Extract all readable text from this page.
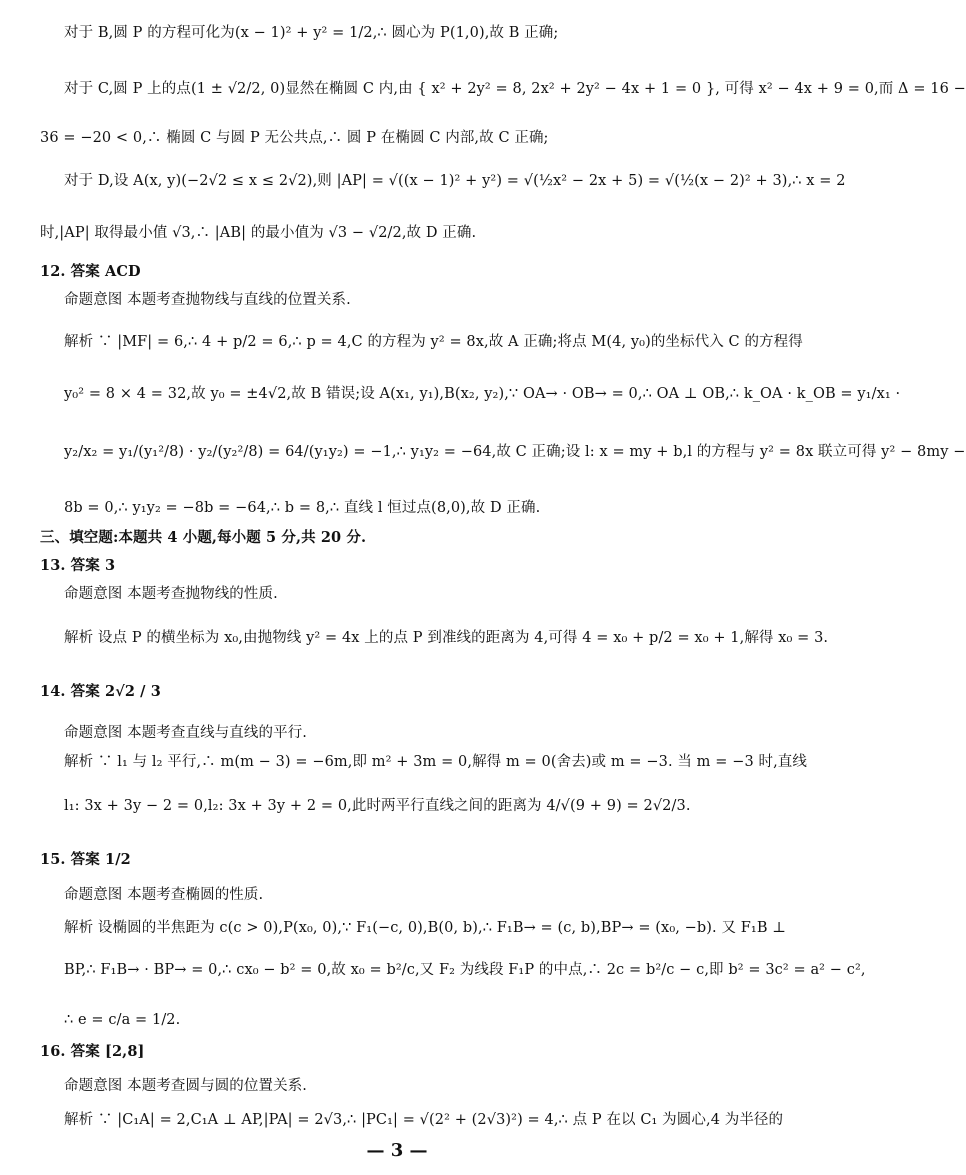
对于 B,圆 P 的方程可化为(x − 1)² + y² = 1/2,∴ 圆心为 P(1,0),故 B 正确;
对于 C,圆 P 上的点(1 ± √2/2, 0)显然在椭圆 C 内,由 { x² + 2y² = 8, 2x² + 2y² − 4x + 1 = 0 }, 可得 x² − 4x + 9 = 0,而 Δ = 16 −
36 = −20 < 0,∴ 椭圆 C 与圆 P 无公共点,∴ 圆 P 在椭圆 C 内部,故 C 正确;
对于 D,设 A(x, y)(−2√2 ≤ x ≤ 2√2),则 |AP| = √((x − 1)² + y²) = √(½x² − 2x + 5) = √(½(x − 2)² + 3),∴ x = 2
时,|AP| 取得最小值 √3,∴ |AB| 的最小值为 √3 − √2/2,故 D 正确.
12. 答案 ACD
命题意图 本题考查抛物线与直线的位置关系.
解析 ∵ |MF| = 6,∴ 4 + p/2 = 6,∴ p = 4,C 的方程为 y² = 8x,故 A 正确;将点 M(4, y₀)的坐标代入 C 的方程得
y₀² = 8 × 4 = 32,故 y₀ = ±4√2,故 B 错误;设 A(x₁, y₁),B(x₂, y₂),∵ OA→ · OB→ = 0,∴ OA ⊥ OB,∴ k_OA · k_OB = y₁/x₁ ·
y₂/x₂ = y₁/(y₁²/8) · y₂/(y₂²/8) = 64/(y₁y₂) = −1,∴ y₁y₂ = −64,故 C 正确;设 l: x = my + b,l 的方程与 y² = 8x 联立可得 y² − 8my −
8b = 0,∴ y₁y₂ = −8b = −64,∴ b = 8,∴ 直线 l 恒过点(8,0),故 D 正确.
三、填空题:本题共 4 小题,每小题 5 分,共 20 分.
13. 答案 3
命题意图 本题考查抛物线的性质.
解析 设点 P 的横坐标为 x₀,由抛物线 y² = 4x 上的点 P 到准线的距离为 4,可得 4 = x₀ + p/2 = x₀ + 1,解得 x₀ = 3.
14. 答案 2√2 / 3
命题意图 本题考查直线与直线的平行.
解析 ∵ l₁ 与 l₂ 平行,∴ m(m − 3) = −6m,即 m² + 3m = 0,解得 m = 0(舍去)或 m = −3. 当 m = −3 时,直线
l₁: 3x + 3y − 2 = 0,l₂: 3x + 3y + 2 = 0,此时两平行直线之间的距离为 4/√(9 + 9) = 2√2/3.
15. 答案 1/2
命题意图 本题考查椭圆的性质.
解析 设椭圆的半焦距为 c(c > 0),P(x₀, 0),∵ F₁(−c, 0),B(0, b),∴ F₁B→ = (c, b),BP→ = (x₀, −b). 又 F₁B ⊥
BP,∴ F₁B→ · BP→ = 0,∴ cx₀ − b² = 0,故 x₀ = b²/c,又 F₂ 为线段 F₁P 的中点,∴ 2c = b²/c − c,即 b² = 3c² = a² − c²,
∴ e = c/a = 1/2.
16. 答案 [2,8]
命题意图 本题考查圆与圆的位置关系.
解析 ∵ |C₁A| = 2,C₁A ⊥ AP,|PA| = 2√3,∴ |PC₁| = √(2² + (2√3)²) = 4,∴ 点 P 在以 C₁ 为圆心,4 为半径的
— 3 —
